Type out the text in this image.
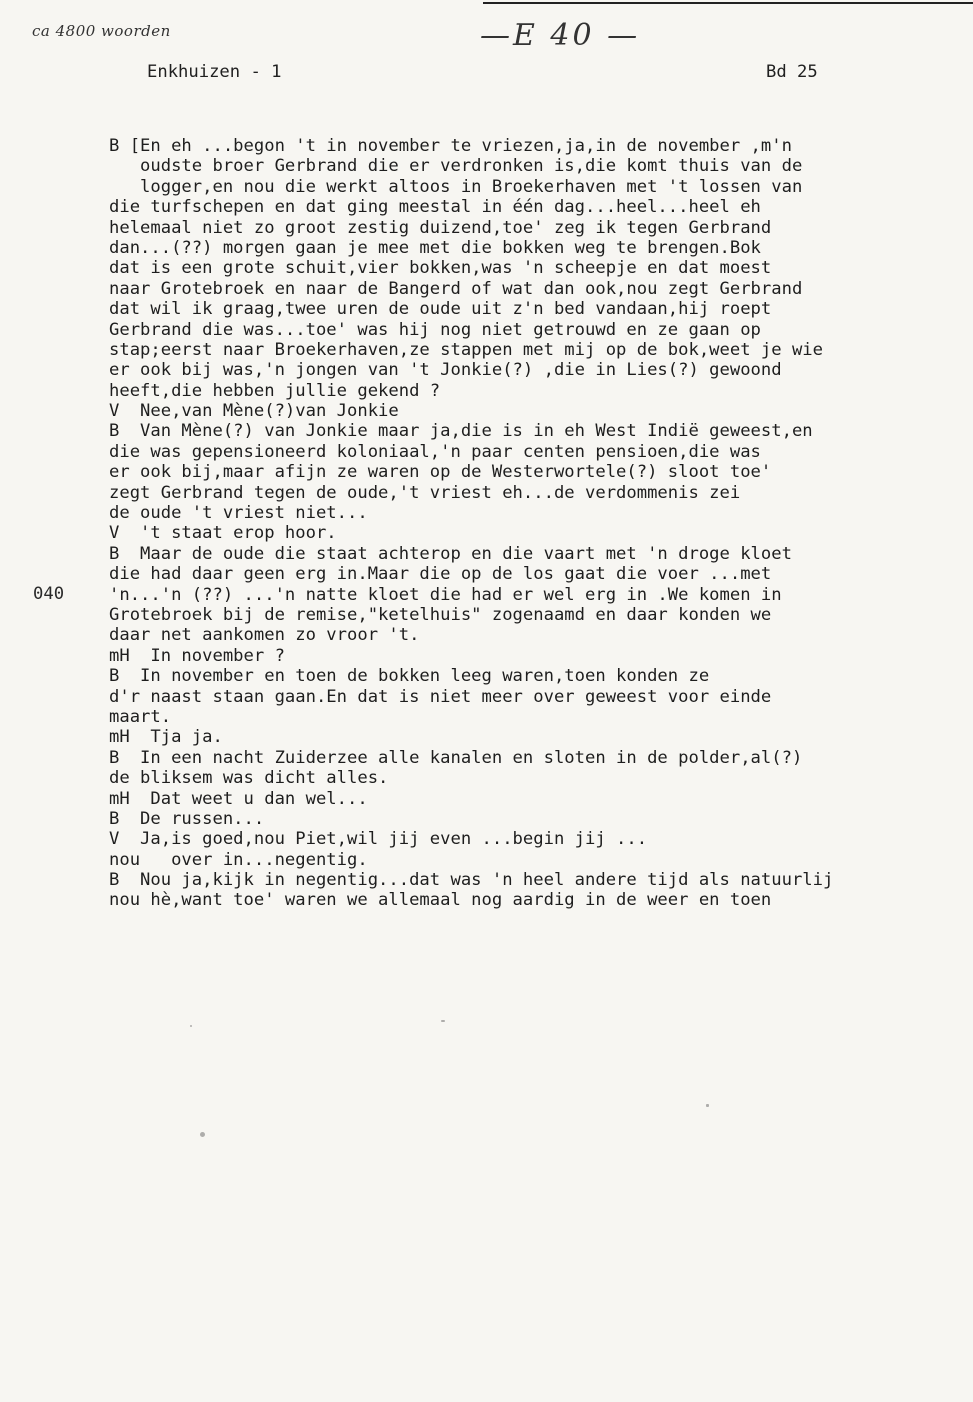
ca 4800 woorden	—E 40 —
Enkhuizen - 1	Bd 25
040
B [En eh ...begon 't in november te vriezen,ja,in de november ,m'n
oudste broer Gerbrand die er verdronken is,die komt thuis van de
logger,en nou die werkt altoos in Broekerhaven met 't lossen van
die turfschepen en dat ging meestal in één dag...heel...heel eh
helemaal niet zo groot zestig duizend,toe' zeg ik tegen Gerbrand
dan...(??) morgen gaan je mee met die bokken weg te brengen.Bok
dat is een grote schuit,vier bokken,was 'n scheepje en dat moest
naar Grotebroek en naar de Bangerd of wat dan ook,nou zegt Gerbrand
dat wil ik graag,twee uren de oude uit z'n bed vandaan,hij roept
Gerbrand die was...toe' was hij nog niet getrouwd en ze gaan op
stap;eerst naar Broekerhaven,ze stappen met mij op de bok,weet je wie
er ook bij was,'n jongen van 't Jonkie(?) ,die in Lies(?) gewoond
heeft,die hebben jullie gekend ?
V  Nee,van Mène(?)van Jonkie
B  Van Mène(?) van Jonkie maar ja,die is in eh West Indië geweest,en
die was gepensioneerd koloniaal,'n paar centen pensioen,die was
er ook bij,maar afijn ze waren op de Westerwortele(?) sloot toe'
zegt Gerbrand tegen de oude,'t vriest eh...de verdommenis zei
de oude 't vriest niet...
V  't staat erop hoor.
B  Maar de oude die staat achterop en die vaart met 'n droge kloet
die had daar geen erg in.Maar die op de los gaat die voer ...met
'n...'n (??) ...'n natte kloet die had er wel erg in .We komen in
Grotebroek bij de remise,"ketelhuis" zogenaamd en daar konden we
daar net aankomen zo vroor 't.
mH  In november ?
B  In november en toen de bokken leeg waren,toen konden ze
d'r naast staan gaan.En dat is niet meer over geweest voor einde
maart.
mH  Tja ja.
B  In een nacht Zuiderzee alle kanalen en sloten in de polder,al(?)
de bliksem was dicht alles.
mH  Dat weet u dan wel...
B  De russen...
V  Ja,is goed,nou Piet,wil jij even ...begin jij ...
nou   over in...negentig.
B  Nou ja,kijk in negentig...dat was 'n heel andere tijd als natuurlij
nou hè,want toe' waren we allemaal nog aardig in de weer en toen
